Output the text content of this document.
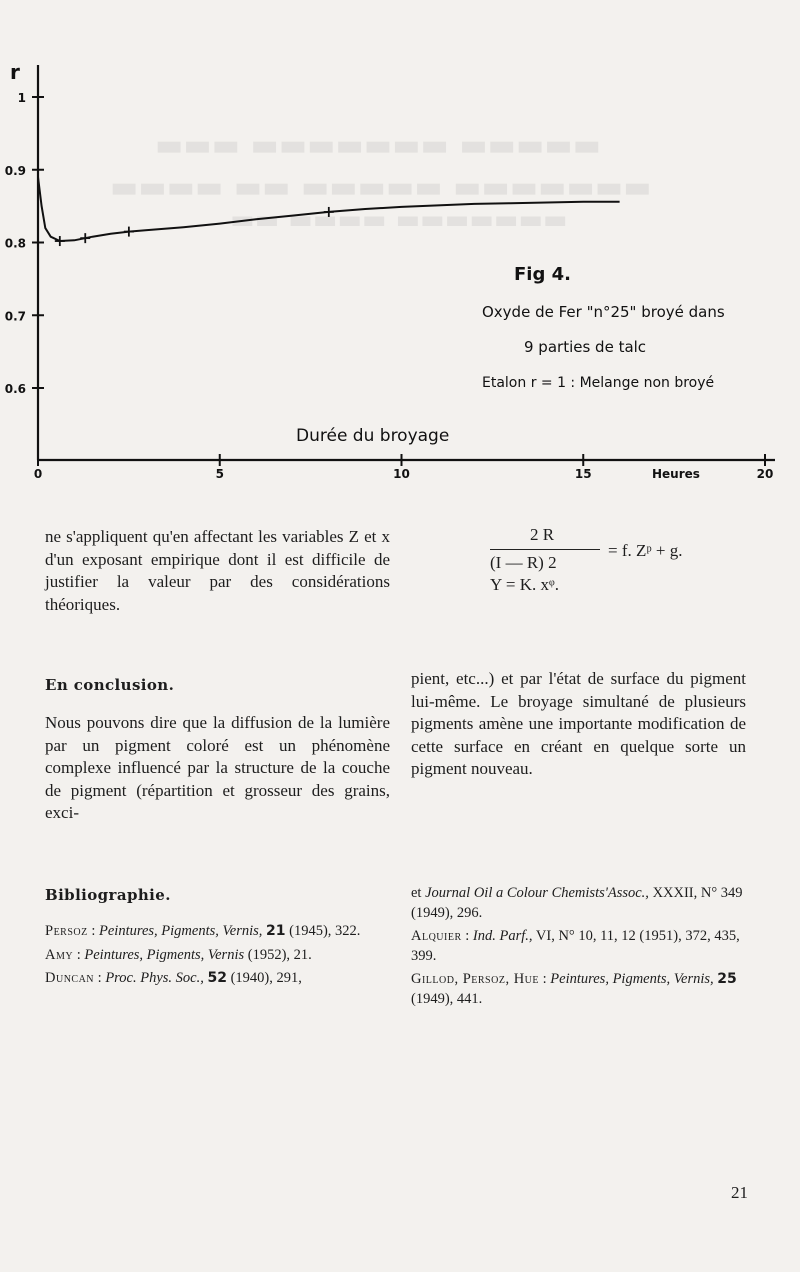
▬▬▬ ▬▬▬▬▬▬▬ ▬▬▬▬▬
▬▬▬▬ ▬▬ ▬▬▬▬▬ ▬▬▬▬▬▬▬
▬▬ ▬▬▬▬ ▬▬▬▬▬▬▬
r
1
0.9
0.8
0.7
0.6
0	5	10	15	Heures	20
Fig 4.
Oxyde de Fer "n°25" broyé dans
9 parties de talc
Etalon r = 1 : Melange non broyé
Durée du broyage
ne s'appliquent qu'en affectant les variables Z et x d'un exposant empirique dont il est difficile de justifier la valeur par des considérations théoriques.
2 R
= f. Zᵖ + g.
(I — R) 2
Y = K. xᵠ.
En conclusion.
Nous pouvons dire que la diffusion de la lumière par un pigment coloré est un phénomène complexe influencé par la structure de la couche de pigment (répartition et grosseur des grains, exci-
pient, etc...) et par l'état de surface du pigment lui-même. Le broyage simultané de plusieurs pigments amène une importante modification de cette surface en créant en quelque sorte un pigment nouveau.
Bibliographie.
Persoz : Peintures, Pigments, Vernis, 21 (1945), 322.
Amy : Peintures, Pigments, Vernis (1952), 21.
Duncan : Proc. Phys. Soc., 52 (1940), 291,
et Journal Oil a Colour Chemists'Assoc., XXXII, N° 349 (1949), 296.
Alquier : Ind. Parf., VI, N° 10, 11, 12 (1951), 372, 435, 399.
Gillod, Persoz, Hue : Peintures, Pigments, Vernis, 25 (1949), 441.
21
